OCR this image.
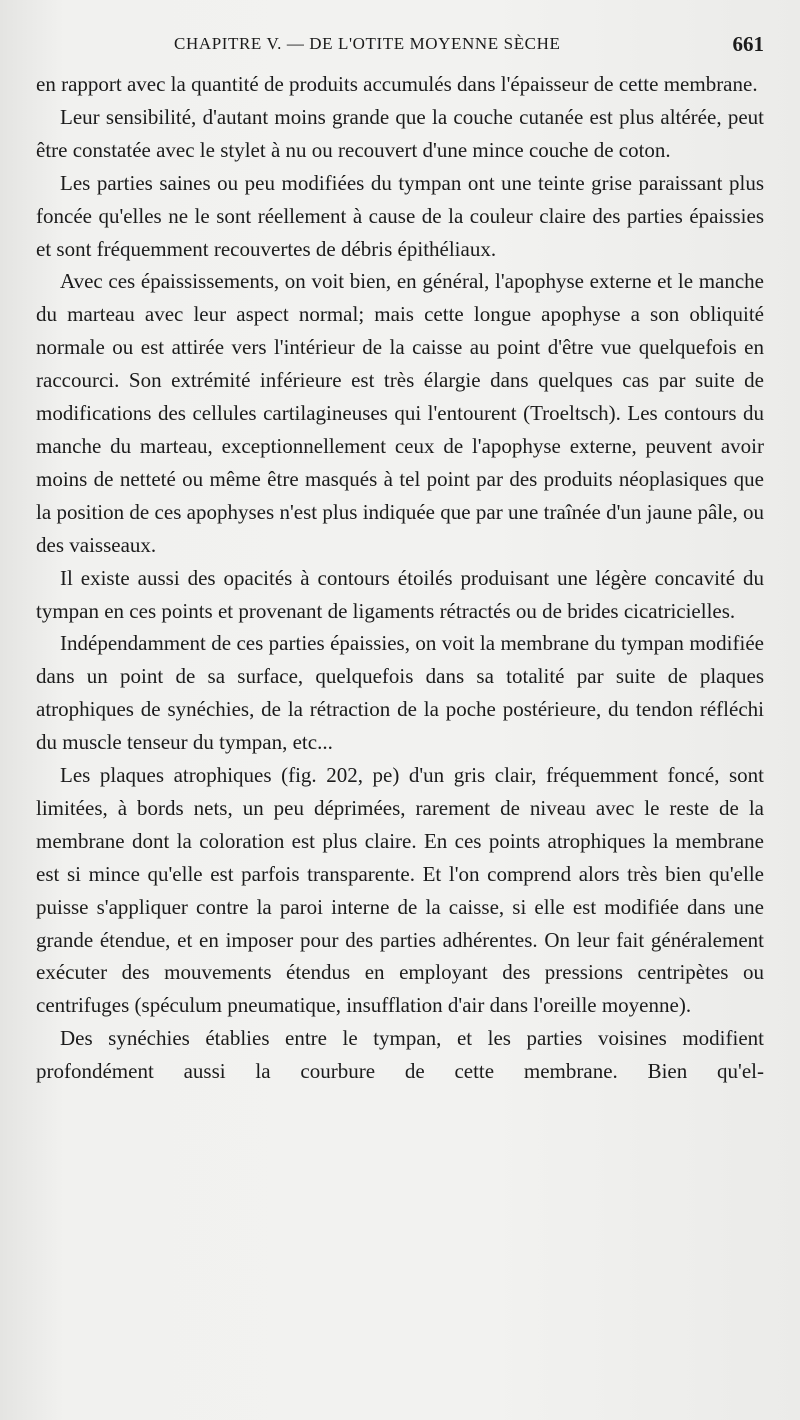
CHAPITRE V. — DE L'OTITE MOYENNE SÈCHE	661

en rapport avec la quantité de produits accumulés dans l'épaisseur de cette membrane.

Leur sensibilité, d'autant moins grande que la couche cutanée est plus altérée, peut être constatée avec le stylet à nu ou recouvert d'une mince couche de coton.

Les parties saines ou peu modifiées du tympan ont une teinte grise paraissant plus foncée qu'elles ne le sont réellement à cause de la couleur claire des parties épaissies et sont fréquemment recouvertes de débris épithéliaux.

Avec ces épaississements, on voit bien, en général, l'apophyse externe et le manche du marteau avec leur aspect normal; mais cette longue apophyse a son obliquité normale ou est attirée vers l'intérieur de la caisse au point d'être vue quelquefois en raccourci. Son extrémité inférieure est très élargie dans quelques cas par suite de modifications des cellules cartilagineuses qui l'entourent (Troeltsch). Les contours du manche du marteau, exceptionnellement ceux de l'apophyse externe, peuvent avoir moins de netteté ou même être masqués à tel point par des produits néoplasiques que la position de ces apophyses n'est plus indiquée que par une traînée d'un jaune pâle, ou des vaisseaux.

Il existe aussi des opacités à contours étoilés produisant une légère concavité du tympan en ces points et provenant de ligaments rétractés ou de brides cicatricielles.

Indépendamment de ces parties épaissies, on voit la membrane du tympan modifiée dans un point de sa surface, quelquefois dans sa totalité par suite de plaques atrophiques de synéchies, de la rétraction de la poche postérieure, du tendon réfléchi du muscle tenseur du tympan, etc...

Les plaques atrophiques (fig. 202, pe) d'un gris clair, fréquemment foncé, sont limitées, à bords nets, un peu déprimées, rarement de niveau avec le reste de la membrane dont la coloration est plus claire. En ces points atrophiques la membrane est si mince qu'elle est parfois transparente. Et l'on comprend alors très bien qu'elle puisse s'appliquer contre la paroi interne de la caisse, si elle est modifiée dans une grande étendue, et en imposer pour des parties adhérentes. On leur fait généralement exécuter des mouvements étendus en employant des pressions centripètes ou centrifuges (spéculum pneumatique, insufflation d'air dans l'oreille moyenne).

Des synéchies établies entre le tympan, et les parties voisines modifient profondément aussi la courbure de cette membrane. Bien qu'el-
